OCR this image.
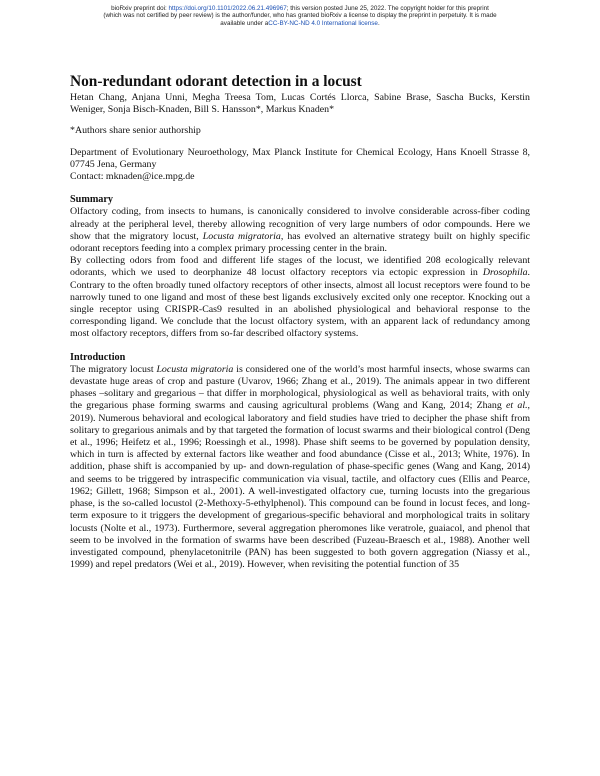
bioRxiv preprint doi: https://doi.org/10.1101/2022.06.21.496967; this version posted June 25, 2022. The copyright holder for this preprint
(which was not certified by peer review) is the author/funder, who has granted bioRxiv a license to display the preprint in perpetuity. It is made
available under aCC-BY-NC-ND 4.0 International license.
Non-redundant odorant detection in a locust
Hetan Chang, Anjana Unni, Megha Treesa Tom, Lucas Cortés Llorca, Sabine Brase, Sascha Bucks, Kerstin Weniger, Sonja Bisch-Knaden, Bill S. Hansson*, Markus Knaden*
*Authors share senior authorship
Department of Evolutionary Neuroethology, Max Planck Institute for Chemical Ecology, Hans Knoell Strasse 8, 07745 Jena, Germany
Contact: mknaden@ice.mpg.de
Summary
Olfactory coding, from insects to humans, is canonically considered to involve considerable across-fiber coding already at the peripheral level, thereby allowing recognition of very large numbers of odor compounds. Here we show that the migratory locust, Locusta migratoria, has evolved an alternative strategy built on highly specific odorant receptors feeding into a complex primary processing center in the brain.
By collecting odors from food and different life stages of the locust, we identified 208 ecologically relevant odorants, which we used to deorphanize 48 locust olfactory receptors via ectopic expression in Drosophila. Contrary to the often broadly tuned olfactory receptors of other insects, almost all locust receptors were found to be narrowly tuned to one ligand and most of these best ligands exclusively excited only one receptor. Knocking out a single receptor using CRISPR-Cas9 resulted in an abolished physiological and behavioral response to the corresponding ligand. We conclude that the locust olfactory system, with an apparent lack of redundancy among most olfactory receptors, differs from so-far described olfactory systems.
Introduction
The migratory locust Locusta migratoria is considered one of the world’s most harmful insects, whose swarms can devastate huge areas of crop and pasture (Uvarov, 1966; Zhang et al., 2019). The animals appear in two different phases –solitary and gregarious – that differ in morphological, physiological as well as behavioral traits, with only the gregarious phase forming swarms and causing agricultural problems (Wang and Kang, 2014; Zhang et al., 2019). Numerous behavioral and ecological laboratory and field studies have tried to decipher the phase shift from solitary to gregarious animals and by that targeted the formation of locust swarms and their biological control (Deng et al., 1996; Heifetz et al., 1996; Roessingh et al., 1998). Phase shift seems to be governed by population density, which in turn is affected by external factors like weather and food abundance (Cisse et al., 2013; White, 1976). In addition, phase shift is accompanied by up- and down-regulation of phase-specific genes (Wang and Kang, 2014) and seems to be triggered by intraspecific communication via visual, tactile, and olfactory cues (Ellis and Pearce, 1962; Gillett, 1968; Simpson et al., 2001). A well-investigated olfactory cue, turning locusts into the gregarious phase, is the so-called locustol (2-Methoxy-5-ethylphenol). This compound can be found in locust feces, and long-term exposure to it triggers the development of gregarious-specific behavioral and morphological traits in solitary locusts (Nolte et al., 1973). Furthermore, several aggregation pheromones like veratrole, guaiacol, and phenol that seem to be involved in the formation of swarms have been described (Fuzeau-Braesch et al., 1988). Another well investigated compound, phenylacetonitrile (PAN) has been suggested to both govern aggregation (Niassy et al., 1999) and repel predators (Wei et al., 2019). However, when revisiting the potential function of 35
